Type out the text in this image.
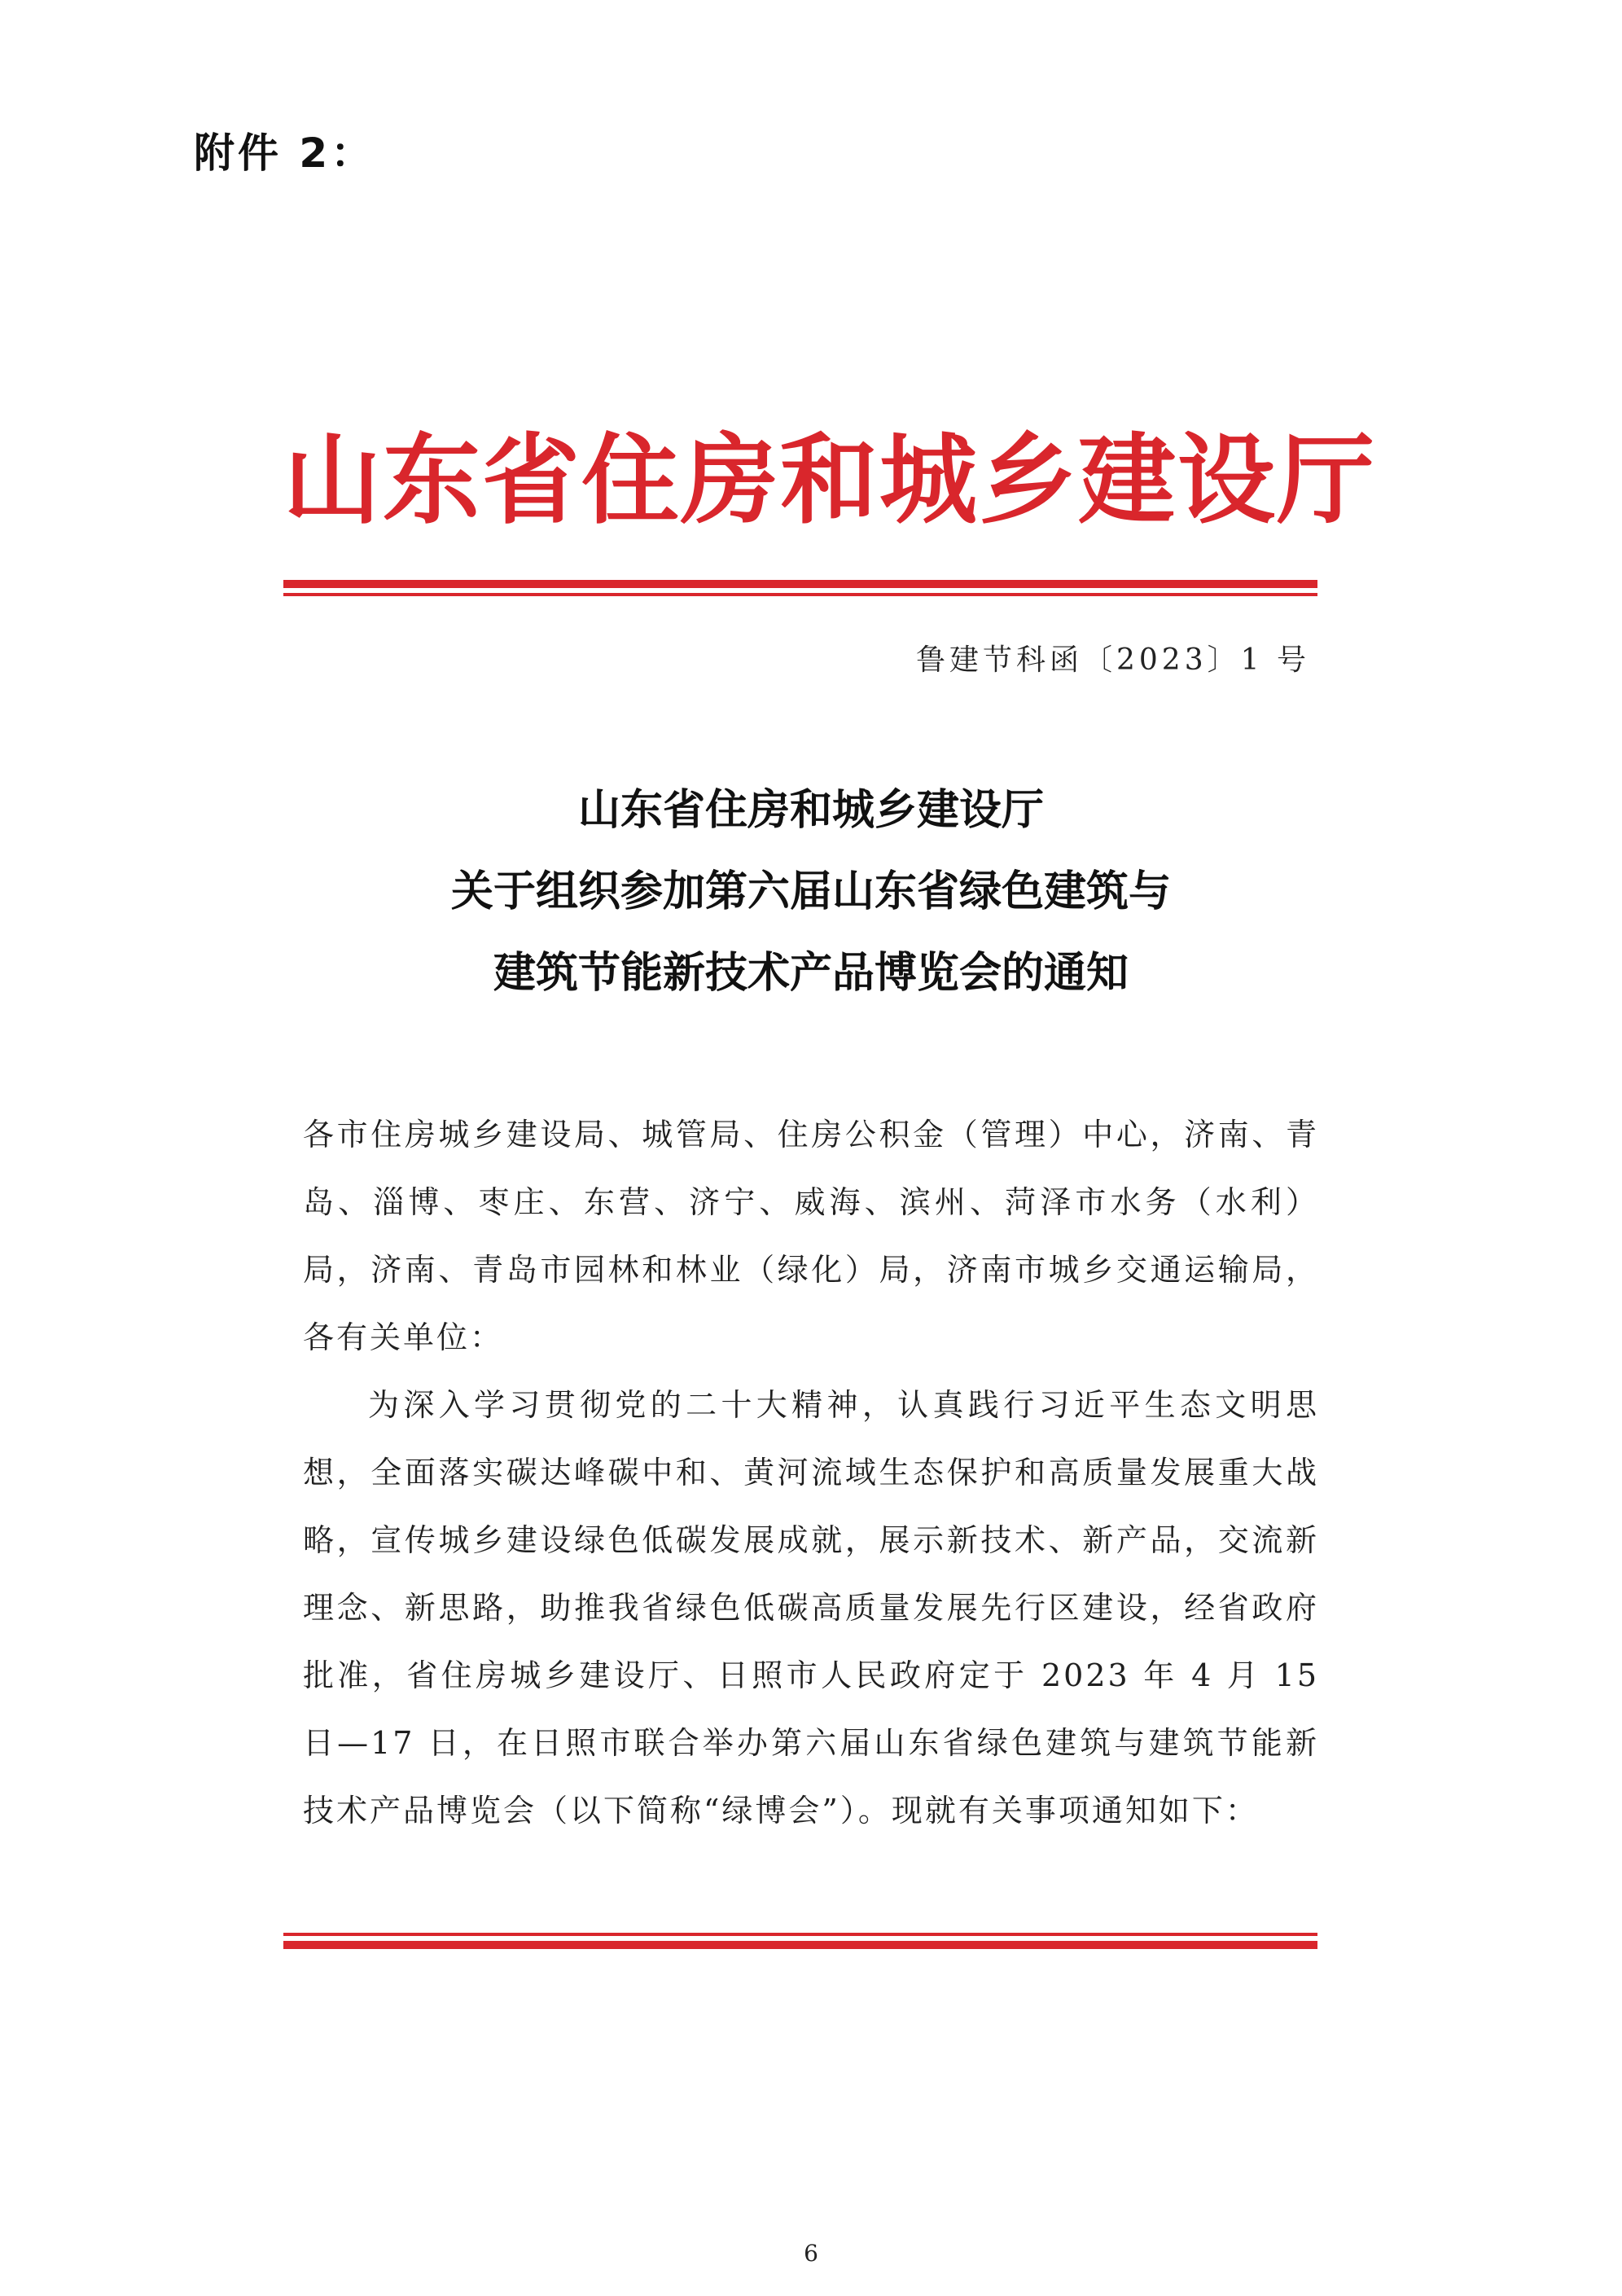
附件 2：
山东省住房和城乡建设厅
鲁建节科函〔2023〕1 号
山东省住房和城乡建设厅
关于组织参加第六届山东省绿色建筑与
建筑节能新技术产品博览会的通知

各市住房城乡建设局、城管局、住房公积金（管理）中心，济南、青岛、淄博、枣庄、东营、济宁、威海、滨州、菏泽市水务（水利）局，济南、青岛市园林和林业（绿化）局，济南市城乡交通运输局，各有关单位：

为深入学习贯彻党的二十大精神，认真践行习近平生态文明思想，全面落实碳达峰碳中和、黄河流域生态保护和高质量发展重大战略，宣传城乡建设绿色低碳发展成就，展示新技术、新产品，交流新理念、新思路，助推我省绿色低碳高质量发展先行区建设，经省政府批准，省住房城乡建设厅、日照市人民政府定于 2023 年 4 月 15 日—17 日，在日照市联合举办第六届山东省绿色建筑与建筑节能新技术产品博览会（以下简称“绿博会”）。现就有关事项通知如下：

6
